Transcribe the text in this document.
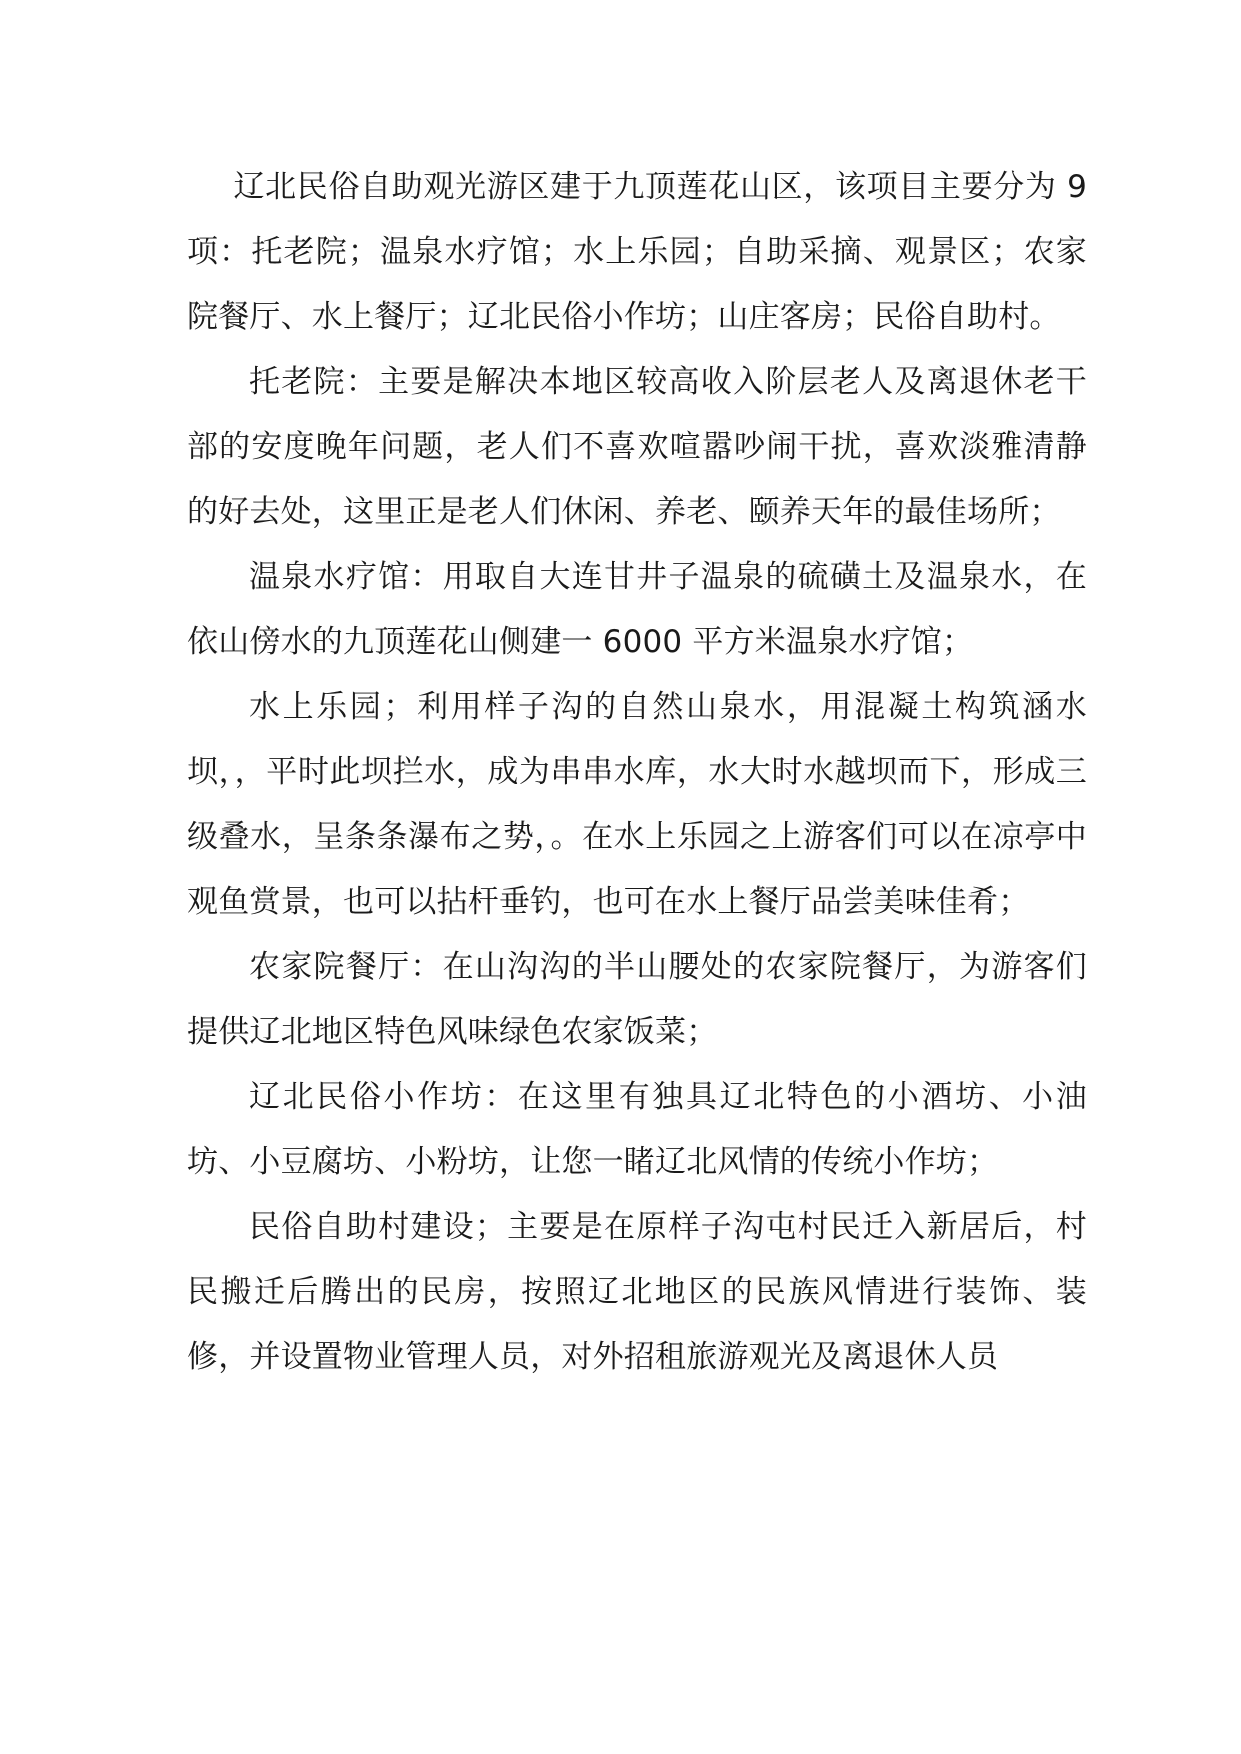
辽北民俗自助观光游区建于九顶莲花山区，该项目主要分为 9 项：托老院；温泉水疗馆；水上乐园；自助采摘、观景区；农家院餐厅、水上餐厅；辽北民俗小作坊；山庄客房；民俗自助村。

托老院：主要是解决本地区较高收入阶层老人及离退休老干部的安度晚年问题，老人们不喜欢喧嚣吵闹干扰，喜欢淡雅清静的好去处，这里正是老人们休闲、养老、颐养天年的最佳场所；

温泉水疗馆：用取自大连甘井子温泉的硫磺土及温泉水，在依山傍水的九顶莲花山侧建一 6000 平方米温泉水疗馆；

水上乐园；利用样子沟的自然山泉水，用混凝土构筑涵水坝，，平时此坝拦水，成为串串水库，水大时水越坝而下，形成三级叠水，呈条条瀑布之势，。在水上乐园之上游客们可以在凉亭中观鱼赏景，也可以拈杆垂钓，也可在水上餐厅品尝美味佳肴；

农家院餐厅：在山沟沟的半山腰处的农家院餐厅，为游客们提供辽北地区特色风味绿色农家饭菜；

辽北民俗小作坊：在这里有独具辽北特色的小酒坊、小油坊、小豆腐坊、小粉坊，让您一睹辽北风情的传统小作坊；

民俗自助村建设；主要是在原样子沟屯村民迁入新居后，村民搬迁后腾出的民房，按照辽北地区的民族风情进行装饰、装修，并设置物业管理人员，对外招租旅游观光及离退休人员
